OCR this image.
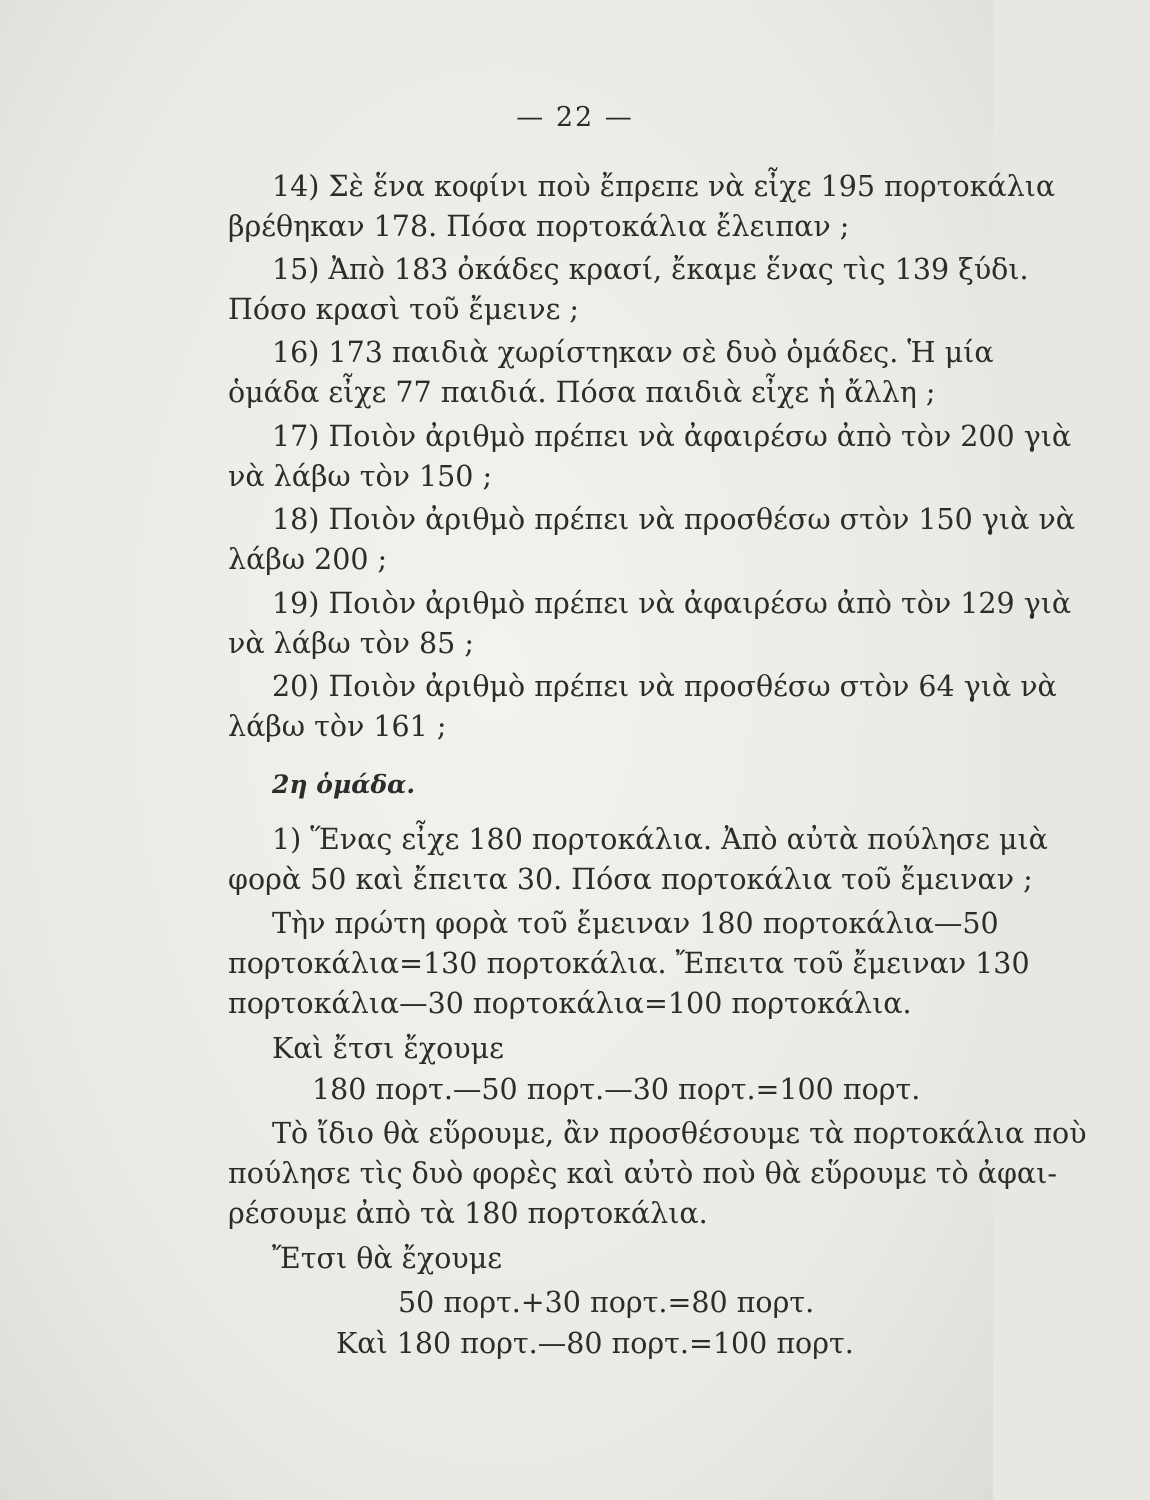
— 22 —
14) Σὲ ἕνα κοφίνι ποὺ ἔπρεπε νὰ εἶχε 195 πορτοκάλια
βρέθηκαν 178. Πόσα πορτοκάλια ἔλειπαν ;
15) Ἀπὸ 183 ὀκάδες κρασί, ἔκαμε ἕνας τὶς 139 ξύδι.
Πόσο κρασὶ τοῦ ἔμεινε ;
16) 173 παιδιὰ χωρίστηκαν σὲ δυὸ ὁμάδες. Ἡ μία
ὁμάδα εἶχε 77 παιδιά. Πόσα παιδιὰ εἶχε ἡ ἄλλη ;
17) Ποιὸν ἀριθμὸ πρέπει νὰ ἀφαιρέσω ἀπὸ τὸν 200 γιὰ
νὰ λάβω τὸν 150 ;
18) Ποιὸν ἀριθμὸ πρέπει νὰ προσθέσω στὸν 150 γιὰ νὰ
λάβω 200 ;
19) Ποιὸν ἀριθμὸ πρέπει νὰ ἀφαιρέσω ἀπὸ τὸν 129 γιὰ
νὰ λάβω τὸν 85 ;
20) Ποιὸν ἀριθμὸ πρέπει νὰ προσθέσω στὸν 64 γιὰ νὰ
λάβω τὸν 161 ;
2η ὁμάδα.
1) Ἕνας εἶχε 180 πορτοκάλια. Ἀπὸ αὐτὰ πούλησε μιὰ
φορὰ 50 καὶ ἔπειτα 30. Πόσα πορτοκάλια τοῦ ἔμειναν ;
Τὴν πρώτη φορὰ τοῦ ἔμειναν 180 πορτοκάλια—50
πορτοκάλια=130 πορτοκάλια. Ἔπειτα τοῦ ἔμειναν 130
πορτοκάλια—30 πορτοκάλια=100 πορτοκάλια.
Καὶ ἔτσι ἔχουμε
180 πορτ.—50 πορτ.—30 πορτ.=100 πορτ.
Τὸ ἴδιο θὰ εὕρουμε, ἂν προσθέσουμε τὰ πορτοκάλια ποὺ
πούλησε τὶς δυὸ φορὲς καὶ αὐτὸ ποὺ θὰ εὕρουμε τὸ ἀφαι-
ρέσουμε ἀπὸ τὰ 180 πορτοκάλια.
Ἔτσι θὰ ἔχουμε
50 πορτ.+30 πορτ.=80 πορτ.
Καὶ 180 πορτ.—80 πορτ.=100 πορτ.
